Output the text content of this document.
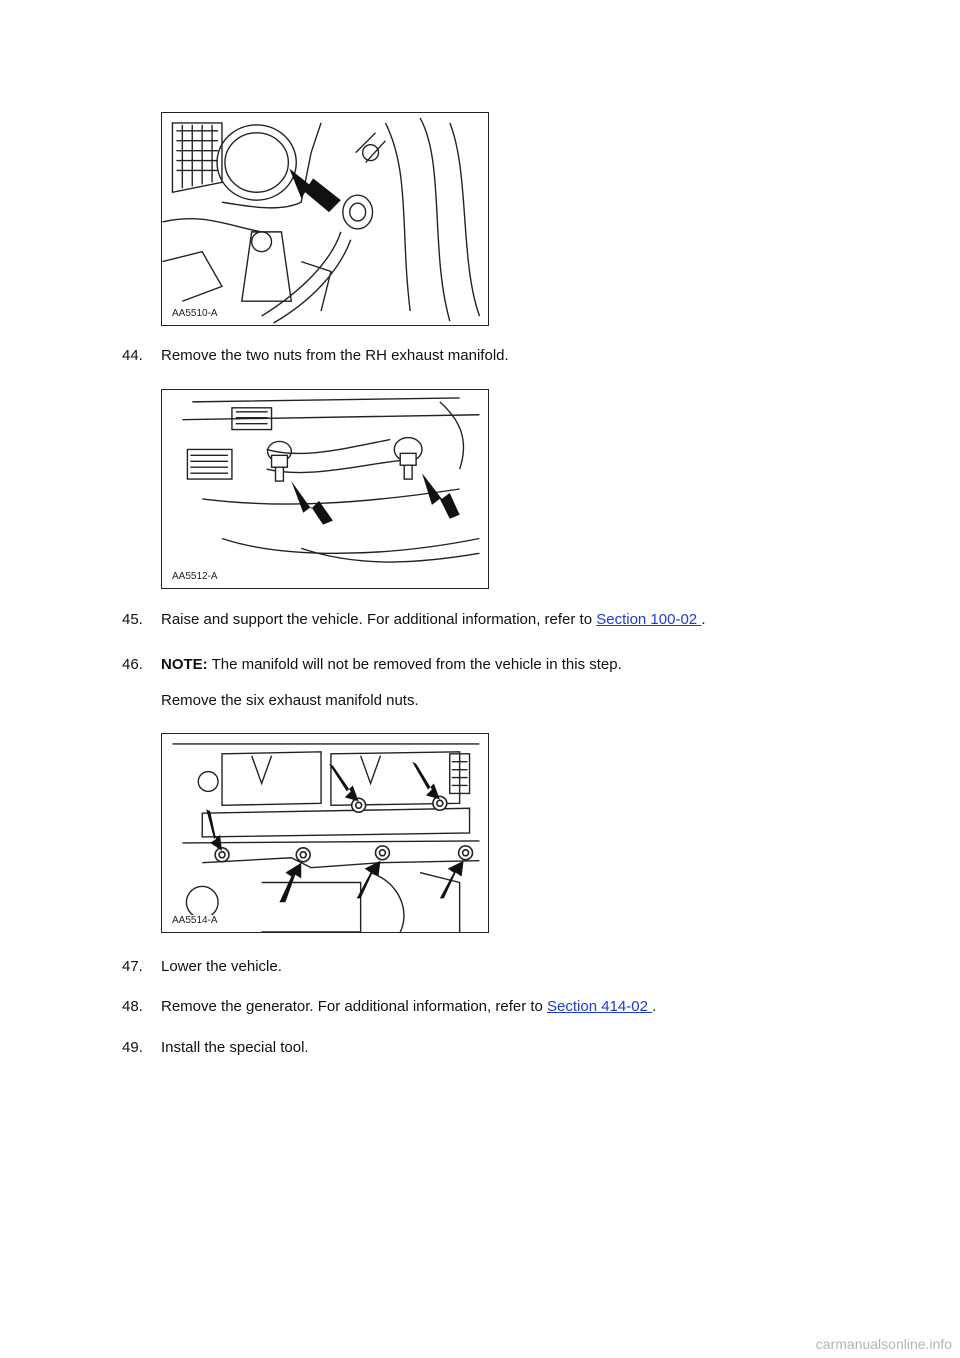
AA5510-A
44. Remove the two nuts from the RH exhaust manifold.
AA5512-A
45. Raise and support the vehicle. For additional information, refer to Section 100-02 .
46. NOTE: The manifold will not be removed from the vehicle in this step.
Remove the six exhaust manifold nuts.
AA5514-A
47. Lower the vehicle.
48. Remove the generator. For additional information, refer to Section 414-02 .
49. Install the special tool.
carmanualsonline.info
